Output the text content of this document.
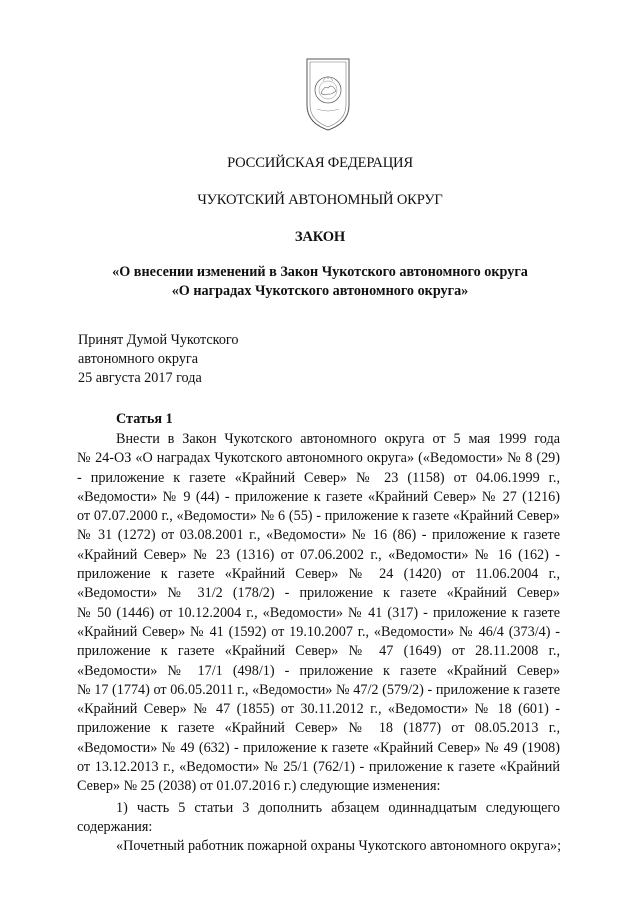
РОССИЙСКАЯ ФЕДЕРАЦИЯ
ЧУКОТСКИЙ АВТОНОМНЫЙ ОКРУГ
ЗАКОН
«О внесении изменений в Закон Чукотского автономного округа
«О наградах Чукотского автономного округа»
Принят Думой Чукотского
автономного округа
25 августа 2017 года
Статья 1
Внести в Закон Чукотского автономного округа от 5 мая 1999 года
№ 24-ОЗ «О наградах Чукотского автономного округа» («Ведомости» № 8 (29)
- приложение к газете «Крайний Север» № 23 (1158) от 04.06.1999 г.,
«Ведомости» № 9 (44) - приложение к газете «Крайний Север» № 27 (1216)
от 07.07.2000 г., «Ведомости» № 6 (55) - приложение к газете «Крайний Север»
№ 31 (1272) от 03.08.2001 г., «Ведомости» № 16 (86) - приложение к газете
«Крайний Север» № 23 (1316) от 07.06.2002 г., «Ведомости» № 16 (162) -
приложение к газете «Крайний Север» № 24 (1420) от 11.06.2004 г.,
«Ведомости» № 31/2 (178/2) - приложение к газете «Крайний Север»
№ 50 (1446) от 10.12.2004 г., «Ведомости» № 41 (317) - приложение к газете
«Крайний Север» № 41 (1592) от 19.10.2007 г., «Ведомости» № 46/4 (373/4) -
приложение к газете «Крайний Север» № 47 (1649) от 28.11.2008 г.,
«Ведомости» № 17/1 (498/1) - приложение к газете «Крайний Север»
№ 17 (1774) от 06.05.2011 г., «Ведомости» № 47/2 (579/2) - приложение к газете
«Крайний Север» № 47 (1855) от 30.11.2012 г., «Ведомости» № 18 (601) -
приложение к газете «Крайний Север» № 18 (1877) от 08.05.2013 г.,
«Ведомости» № 49 (632) - приложение к газете «Крайний Север» № 49 (1908)
от 13.12.2013 г., «Ведомости» № 25/1 (762/1) - приложение к газете «Крайний
Север» № 25 (2038) от 01.07.2016 г.) следующие изменения:
1) часть 5 статьи 3 дополнить абзацем одиннадцатым следующего
содержания:
«Почетный работник пожарной охраны Чукотского автономного округа»;
